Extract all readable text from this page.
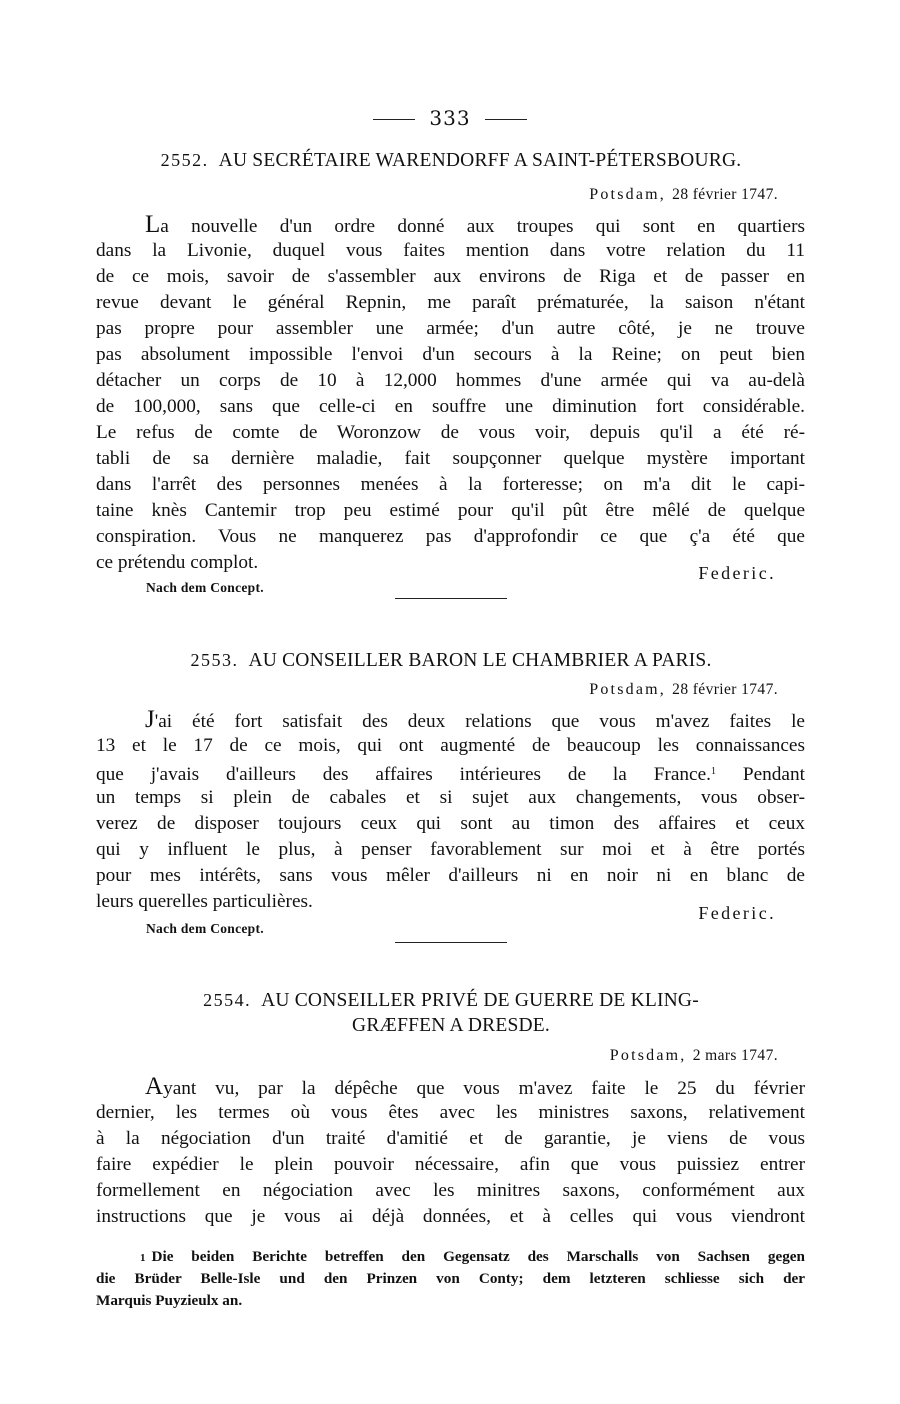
333
2552. AU SECRÉTAIRE WARENDORFF A SAINT-PÉTERSBOURG.
Potsdam, 28 février 1747.
La nouvelle d'un ordre donné aux troupes qui sont en quartiers
dans la Livonie, duquel vous faites mention dans votre relation du 11
de ce mois, savoir de s'assembler aux environs de Riga et de passer en
revue devant le général Repnin, me paraît prématurée, la saison n'étant
pas propre pour assembler une armée; d'un autre côté, je ne trouve
pas absolument impossible l'envoi d'un secours à la Reine; on peut bien
détacher un corps de 10 à 12,000 hommes d'une armée qui va au-delà
de 100,000, sans que celle-ci en souffre une diminution fort considérable.
Le refus de comte de Woronzow de vous voir, depuis qu'il a été ré-
tabli de sa dernière maladie, fait soupçonner quelque mystère important
dans l'arrêt des personnes menées à la forteresse; on m'a dit le capi-
taine knès Cantemir trop peu estimé pour qu'il pût être mêlé de quelque
conspiration. Vous ne manquerez pas d'approfondir ce que ç'a été que
ce prétendu complot.	Federic.
Nach dem Concept.
2553. AU CONSEILLER BARON LE CHAMBRIER A PARIS.
Potsdam, 28 février 1747.
J'ai été fort satisfait des deux relations que vous m'avez faites le
13 et le 17 de ce mois, qui ont augmenté de beaucoup les connaissances
que j'avais d'ailleurs des affaires intérieures de la France.$^1$ Pendant
un temps si plein de cabales et si sujet aux changements, vous obser-
verez de disposer toujours ceux qui sont au timon des affaires et ceux
qui y influent le plus, à penser favorablement sur moi et à être portés
pour mes intérêts, sans vous mêler d'ailleurs ni en noir ni en blanc de
leurs querelles particulières.
Federic.
Nach dem Concept.
2554. AU CONSEILLER PRIVÉ DE GUERRE DE KLING-
GRÆFFEN A DRESDE.
Potsdam, 2 mars 1747.
Ayant vu, par la dépêche que vous m'avez faite le 25 du février
dernier, les termes où vous êtes avec les ministres saxons, relativement
à la négociation d'un traité d'amitié et de garantie, je viens de vous
faire expédier le plein pouvoir nécessaire, afin que vous puissiez entrer
formellement en négociation avec les minitres saxons, conformément aux
instructions que je vous ai déjà données, et à celles qui vous viendront
1 Die beiden Berichte betreffen den Gegensatz des Marschalls von Sachsen gegen
die Brüder Belle-Isle und den Prinzen von Conty; dem letzteren schliesse sich der
Marquis Puyzieulx an.
